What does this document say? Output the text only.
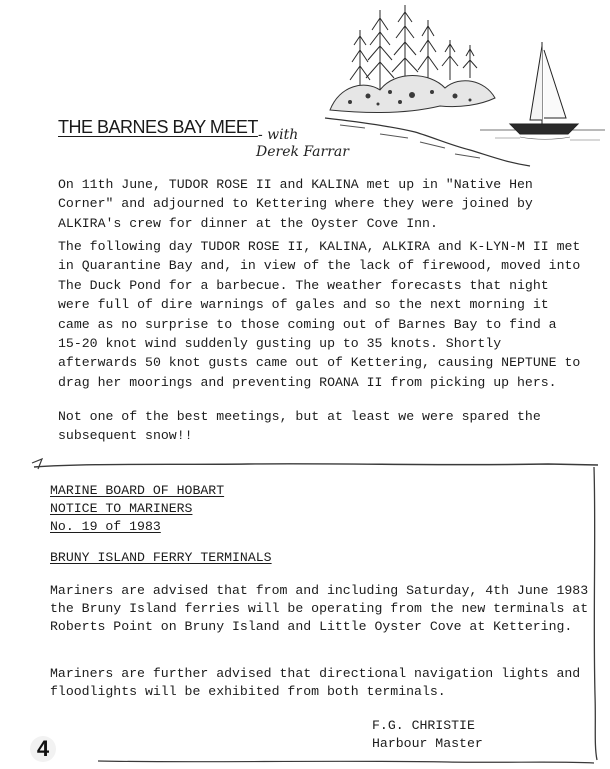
THE BARNES BAY MEET - with
Derek Farrar

On 11th June, TUDOR ROSE II and KALINA met up in "Native Hen Corner" and adjourned to Kettering where they were joined by ALKIRA's crew for dinner at the Oyster Cove Inn.

The following day TUDOR ROSE II, KALINA, ALKIRA and K-LYN-M II met in Quarantine Bay and, in view of the lack of firewood, moved into The Duck Pond for a barbecue. The weather forecasts that night were full of dire warnings of gales and so the next morning it came as no surprise to those coming out of Barnes Bay to find a 15-20 knot wind suddenly gusting up to 35 knots. Shortly afterwards 50 knot gusts came out of Kettering, causing NEPTUNE to drag her moorings and preventing ROANA II from picking up hers.

Not one of the best meetings, but at least we were spared the subsequent snow!!

MARINE BOARD OF HOBART
NOTICE TO MARINERS
No. 19 of 1983
BRUNY ISLAND FERRY TERMINALS

Mariners are advised that from and including Saturday, 4th June 1983 the Bruny Island ferries will be operating from the new terminals at Roberts Point on Bruny Island and Little Oyster Cove at Kettering.

Mariners are further advised that directional navigation lights and floodlights will be exhibited from both terminals.

F.G. CHRISTIE
Harbour Master
4
